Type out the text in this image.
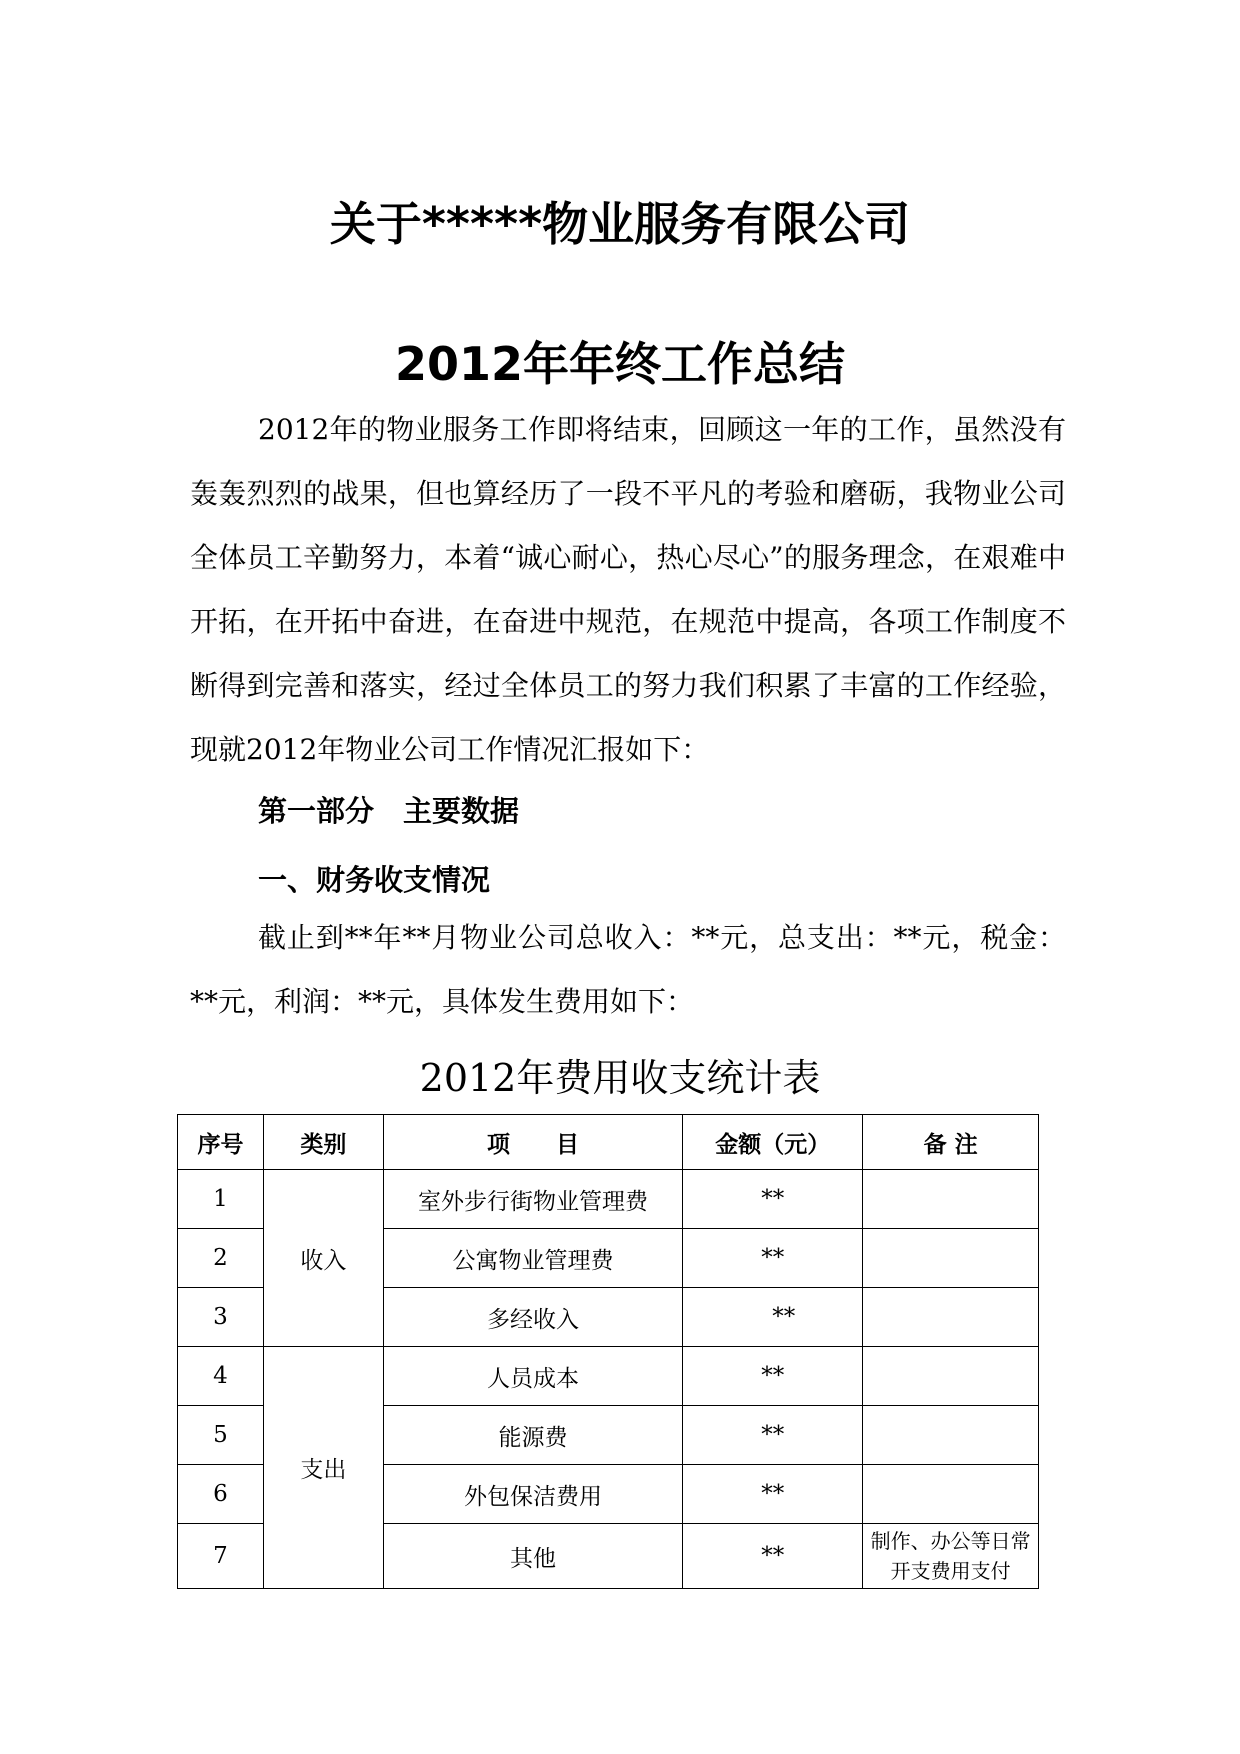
关于*****物业服务有限公司
2012年年终工作总结

2012年的物业服务工作即将结束，回顾这一年的工作，虽然没有轰轰烈烈的战果，但也算经历了一段不平凡的考验和磨砺，我物业公司全体员工辛勤努力，本着“诚心耐心，热心尽心”的服务理念，在艰难中开拓，在开拓中奋进，在奋进中规范，在规范中提高，各项工作制度不断得到完善和落实，经过全体员工的努力我们积累了丰富的工作经验，现就2012年物业公司工作情况汇报如下：

第一部分　主要数据
一、财务收支情况

截止到**年**月物业公司总收入：**元，总支出：**元，税金：**元，利润：**元，具体发生费用如下：

2012年费用收支统计表
序号	类别	项　　目	金额（元）	备 注
1	收入	室外步行街物业管理费	**	
2		公寓物业管理费	**	
3		多经收入	**	
4	支出	人员成本	**	
5		能源费	**	
6		外包保洁费用	**	
7		其他	**	制作、办公等日常开支费用支付
